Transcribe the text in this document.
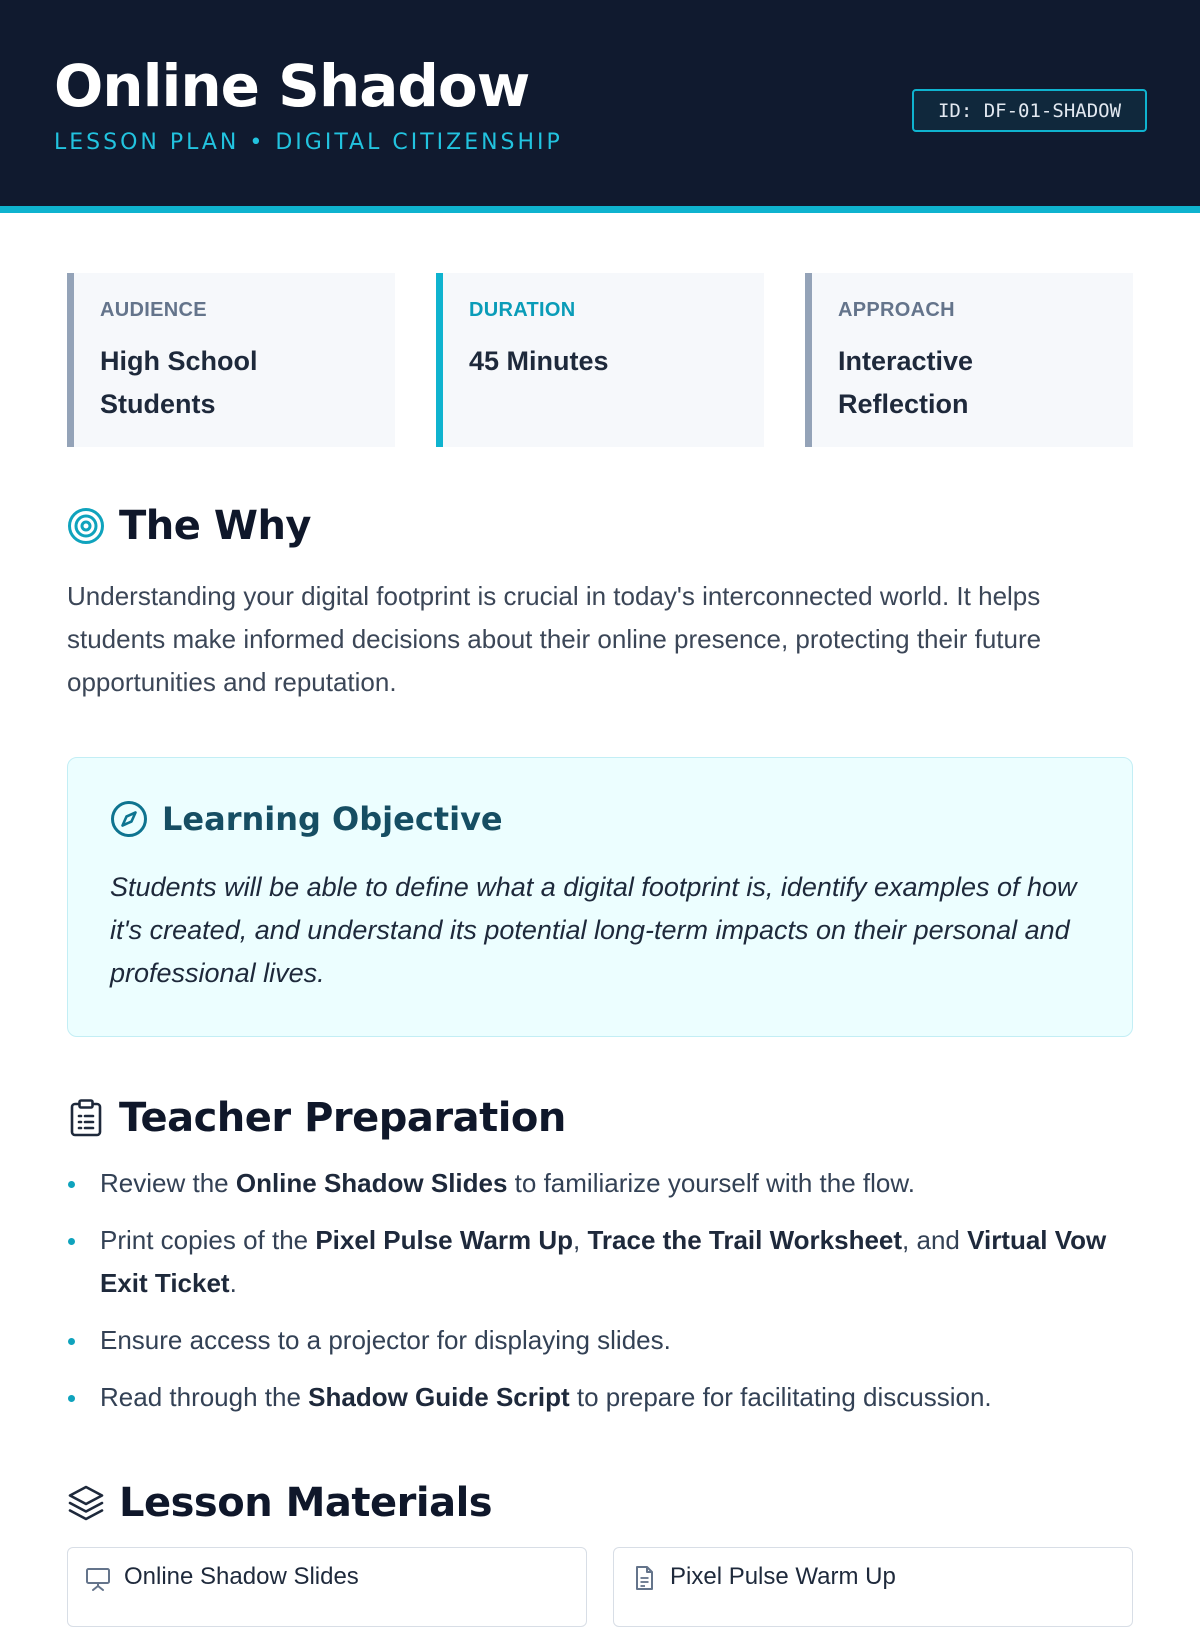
Online Shadow
LESSON PLAN • DIGITAL CITIZENSHIP
ID: DF-01-SHADOW
AUDIENCE
High School Students
DURATION
45 Minutes
APPROACH
Interactive Reflection
The Why
Understanding your digital footprint is crucial in today's interconnected world. It helps students make informed decisions about their online presence, protecting their future opportunities and reputation.
Learning Objective
Students will be able to define what a digital footprint is, identify examples of how it's created, and understand its potential long-term impacts on their personal and professional lives.
Teacher Preparation
Review the Online Shadow Slides to familiarize yourself with the flow.
Print copies of the Pixel Pulse Warm Up, Trace the Trail Worksheet, and Virtual Vow Exit Ticket.
Ensure access to a projector for displaying slides.
Read through the Shadow Guide Script to prepare for facilitating discussion.
Lesson Materials
Online Shadow Slides	Pixel Pulse Warm Up
